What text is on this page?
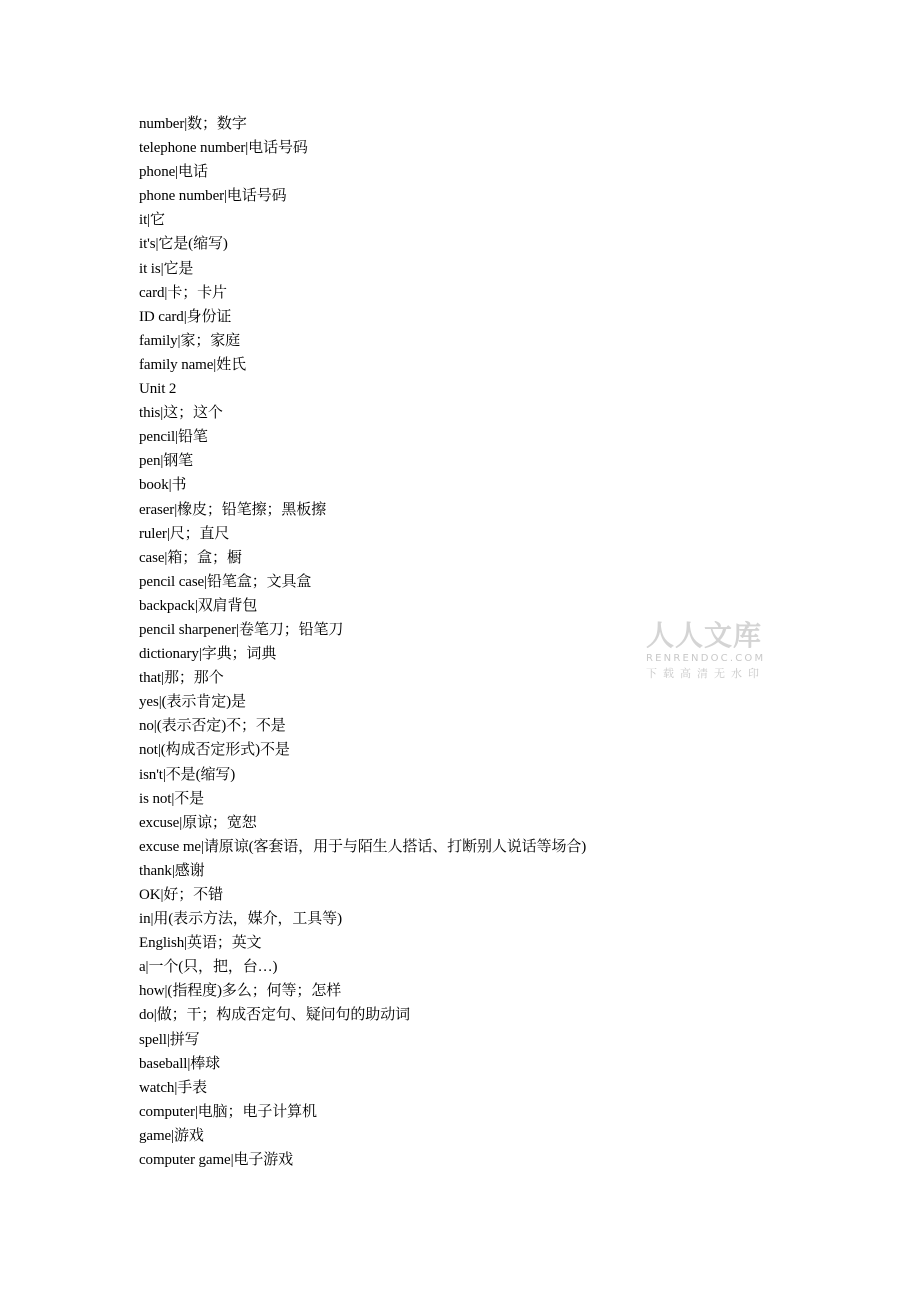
number|数；数字
telephone number|电话号码
phone|电话
phone number|电话号码
it|它
it's|它是(缩写)
it is|它是
card|卡；卡片
ID card|身份证
family|家；家庭
family name|姓氏
Unit 2
this|这；这个
pencil|铅笔
pen|钢笔
book|书
eraser|橡皮；铅笔擦；黑板擦
ruler|尺；直尺
case|箱；盒；橱
pencil case|铅笔盒；文具盒
backpack|双肩背包
pencil sharpener|卷笔刀；铅笔刀
dictionary|字典；词典
that|那；那个
yes|(表示肯定)是
no|(表示否定)不；不是
not|(构成否定形式)不是
isn't|不是(缩写)
is not|不是
excuse|原谅；宽恕
excuse me|请原谅(客套语，用于与陌生人搭话、打断别人说话等场合)
thank|感谢
OK|好；不错
in|用(表示方法，媒介，工具等)
English|英语；英文
a|一个(只，把，台…)
how|(指程度)多么；何等；怎样
do|做；干；构成否定句、疑问句的助动词
spell|拼写
baseball|棒球
watch|手表
computer|电脑；电子计算机
game|游戏
computer game|电子游戏
人人文库
RENRENDOC.COM
下载高清无水印
